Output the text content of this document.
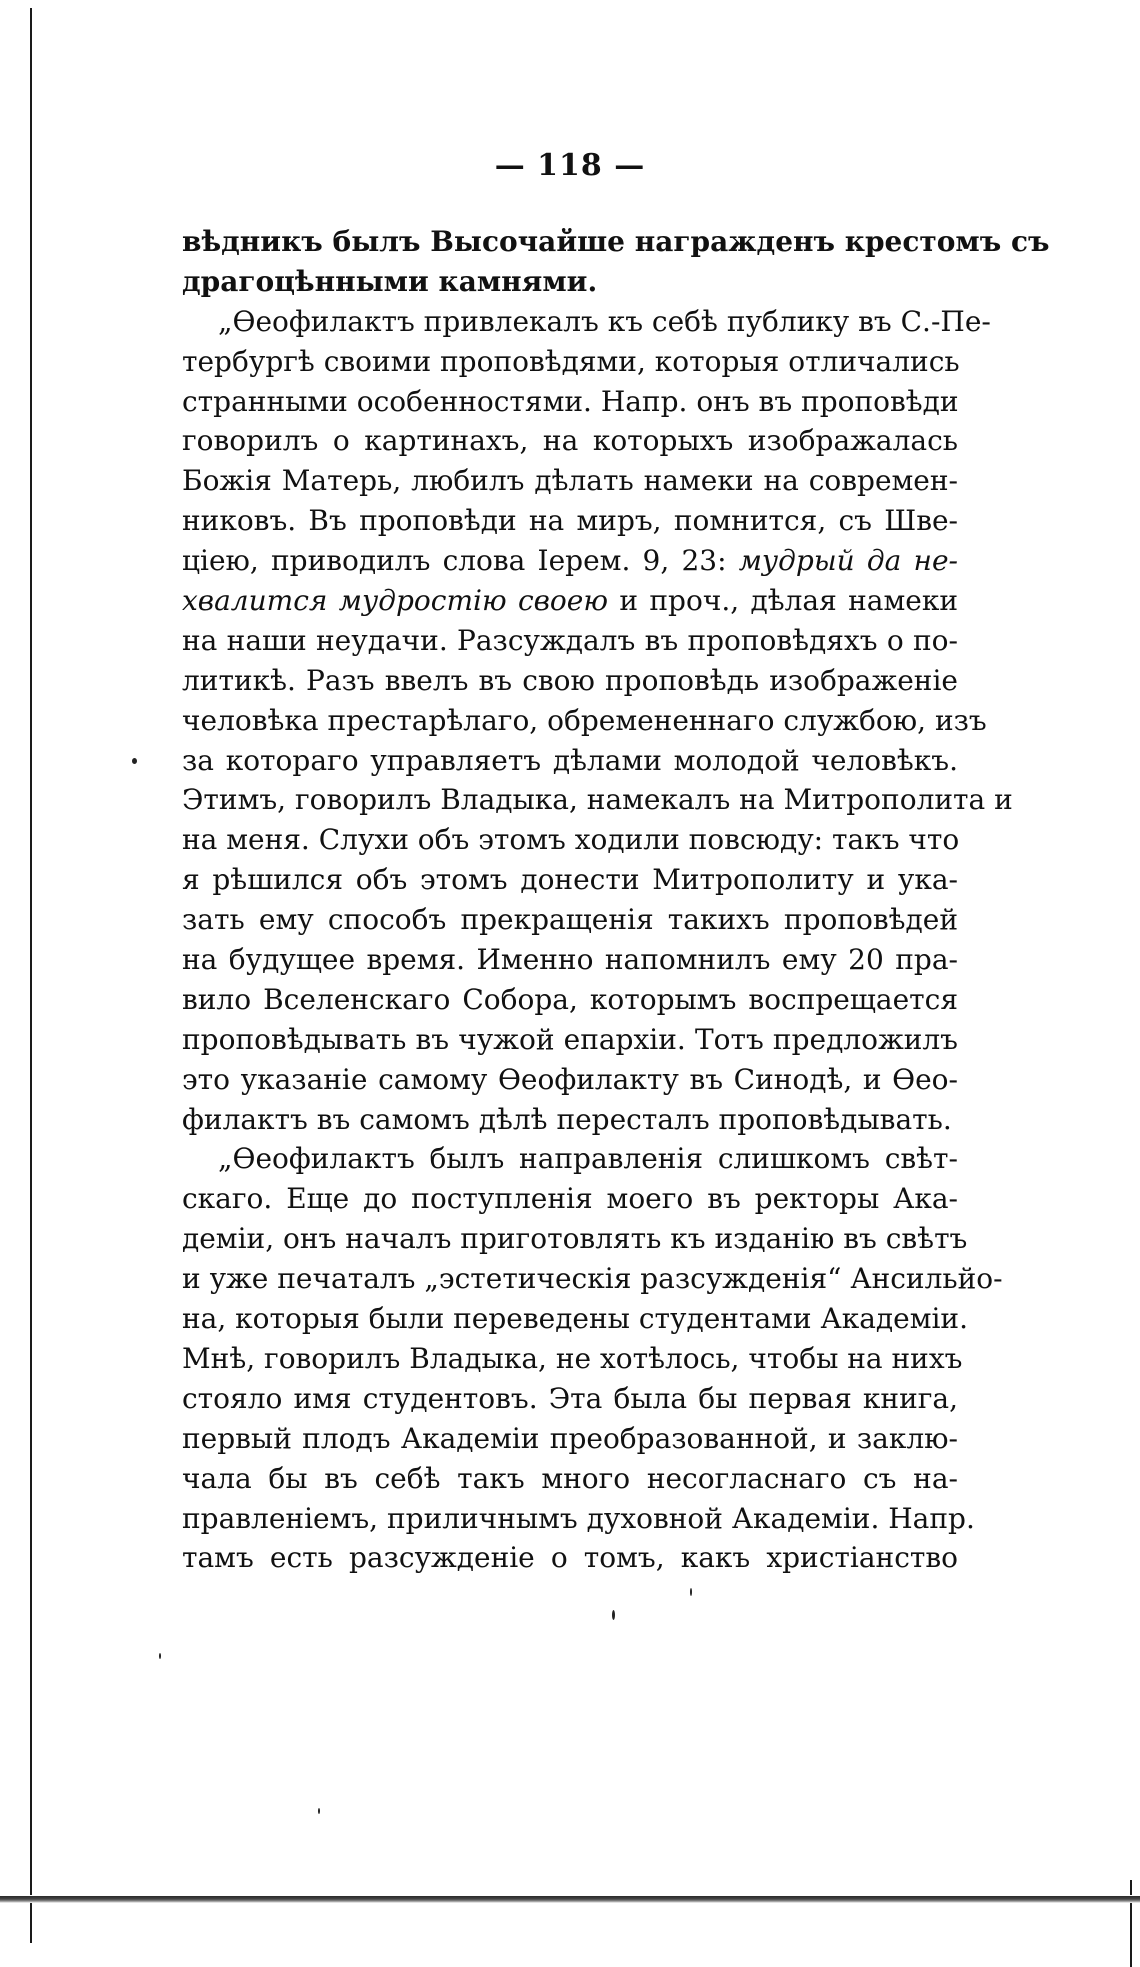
— 118 —
вѣдникъ былъ Высочайше награжденъ крестомъ съ
драгоцѣнными камнями.
„Ѳеофилактъ привлекалъ къ себѣ публику въ С.-Пе-
тербургѣ своими проповѣдями, которыя отличались
странными особенностями. Напр. онъ въ проповѣди
говорилъ о картинахъ, на которыхъ изображалась
Божія Матерь, любилъ дѣлать намеки на современ-
никовъ. Въ проповѣди на миръ, помнится, съ Шве-
ціею, приводилъ слова Іерем. 9, 23: мудрый да не-
хвалится мудростію своею и проч., дѣлая намеки
на наши неудачи. Разсуждалъ въ проповѣдяхъ о по-
литикѣ. Разъ ввелъ въ свою проповѣдь изображеніе
человѣка престарѣлаго, обремененнаго службою, изъ
за котораго управляетъ дѣлами молодой человѣкъ.
Этимъ, говорилъ Владыка, намекалъ на Митрополита и
на меня. Слухи объ этомъ ходили повсюду: такъ что
я рѣшился объ этомъ донести Митрополиту и ука-
зать ему способъ прекращенія такихъ проповѣдей
на будущее время. Именно напомнилъ ему 20 пра-
вило Вселенскаго Собора, которымъ воспрещается
проповѣдывать въ чужой епархіи. Тотъ предложилъ
это указаніе самому Ѳеофилакту въ Синодѣ, и Ѳео-
филактъ въ самомъ дѣлѣ пересталъ проповѣдывать.
„Ѳеофилактъ былъ направленія слишкомъ свѣт-
скаго. Еще до поступленія моего въ ректоры Ака-
деміи, онъ началъ приготовлять къ изданію въ свѣтъ
и уже печаталъ „эстетическія разсужденія“ Ансильйо-
на, которыя были переведены студентами Академіи.
Мнѣ, говорилъ Владыка, не хотѣлось, чтобы на нихъ
стояло имя студентовъ. Эта была бы первая книга,
первый плодъ Академіи преобразованной, и заклю-
чала бы въ себѣ такъ много несогласнаго съ на-
правленіемъ, приличнымъ духовной Академіи. Напр.
тамъ есть разсужденіе о томъ, какъ христіанство
